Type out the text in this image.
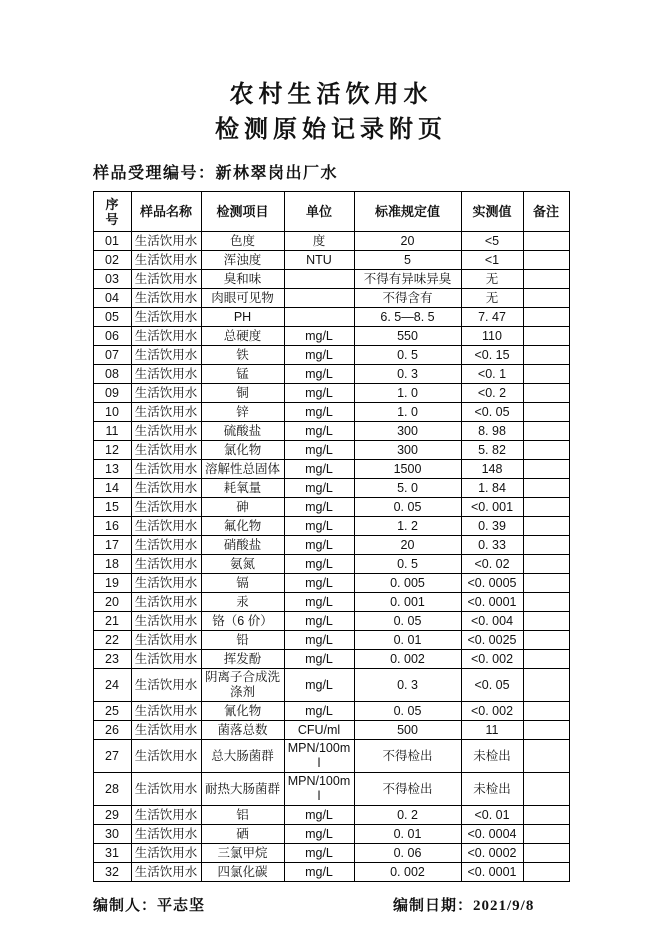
农村生活饮用水
检测原始记录附页
样品受理编号：新林翠岗出厂水
序号	样品名称	检测项目	单位	标准规定值	实测值	备注
01	生活饮用水	色度	度	20	<5	
02	生活饮用水	浑浊度	NTU	5	<1	
03	生活饮用水	臭和味		不得有异味异臭	无	
04	生活饮用水	肉眼可见物		不得含有	无	
05	生活饮用水	PH		6. 5—8. 5	7. 47	
06	生活饮用水	总硬度	mg/L	550	110	
07	生活饮用水	铁	mg/L	0. 5	<0. 15	
08	生活饮用水	锰	mg/L	0. 3	<0. 1	
09	生活饮用水	铜	mg/L	1. 0	<0. 2	
10	生活饮用水	锌	mg/L	1. 0	<0. 05	
11	生活饮用水	硫酸盐	mg/L	300	8. 98	
12	生活饮用水	氯化物	mg/L	300	5. 82	
13	生活饮用水	溶解性总固体	mg/L	1500	148	
14	生活饮用水	耗氧量	mg/L	5. 0	1. 84	
15	生活饮用水	砷	mg/L	0. 05	<0. 001	
16	生活饮用水	氟化物	mg/L	1. 2	0. 39	
17	生活饮用水	硝酸盐	mg/L	20	0. 33	
18	生活饮用水	氨氮	mg/L	0. 5	<0. 02	
19	生活饮用水	镉	mg/L	0. 005	<0. 0005	
20	生活饮用水	汞	mg/L	0. 001	<0. 0001	
21	生活饮用水	铬（6 价）	mg/L	0. 05	<0. 004	
22	生活饮用水	铅	mg/L	0. 01	<0. 0025	
23	生活饮用水	挥发酚	mg/L	0. 002	<0. 002	
24	生活饮用水	阴离子合成洗涤剂	mg/L	0. 3	<0. 05	
25	生活饮用水	氰化物	mg/L	0. 05	<0. 002	
26	生活饮用水	菌落总数	CFU/ml	500	11	
27	生活饮用水	总大肠菌群	MPN/100ml	不得检出	未检出	
28	生活饮用水	耐热大肠菌群	MPN/100ml	不得检出	未检出	
29	生活饮用水	铝	mg/L	0. 2	<0. 01	
30	生活饮用水	硒	mg/L	0. 01	<0. 0004	
31	生活饮用水	三氯甲烷	mg/L	0. 06	<0. 0002	
32	生活饮用水	四氯化碳	mg/L	0. 002	<0. 0001	
编制人：平志坚	编制日期：2021/9/8
